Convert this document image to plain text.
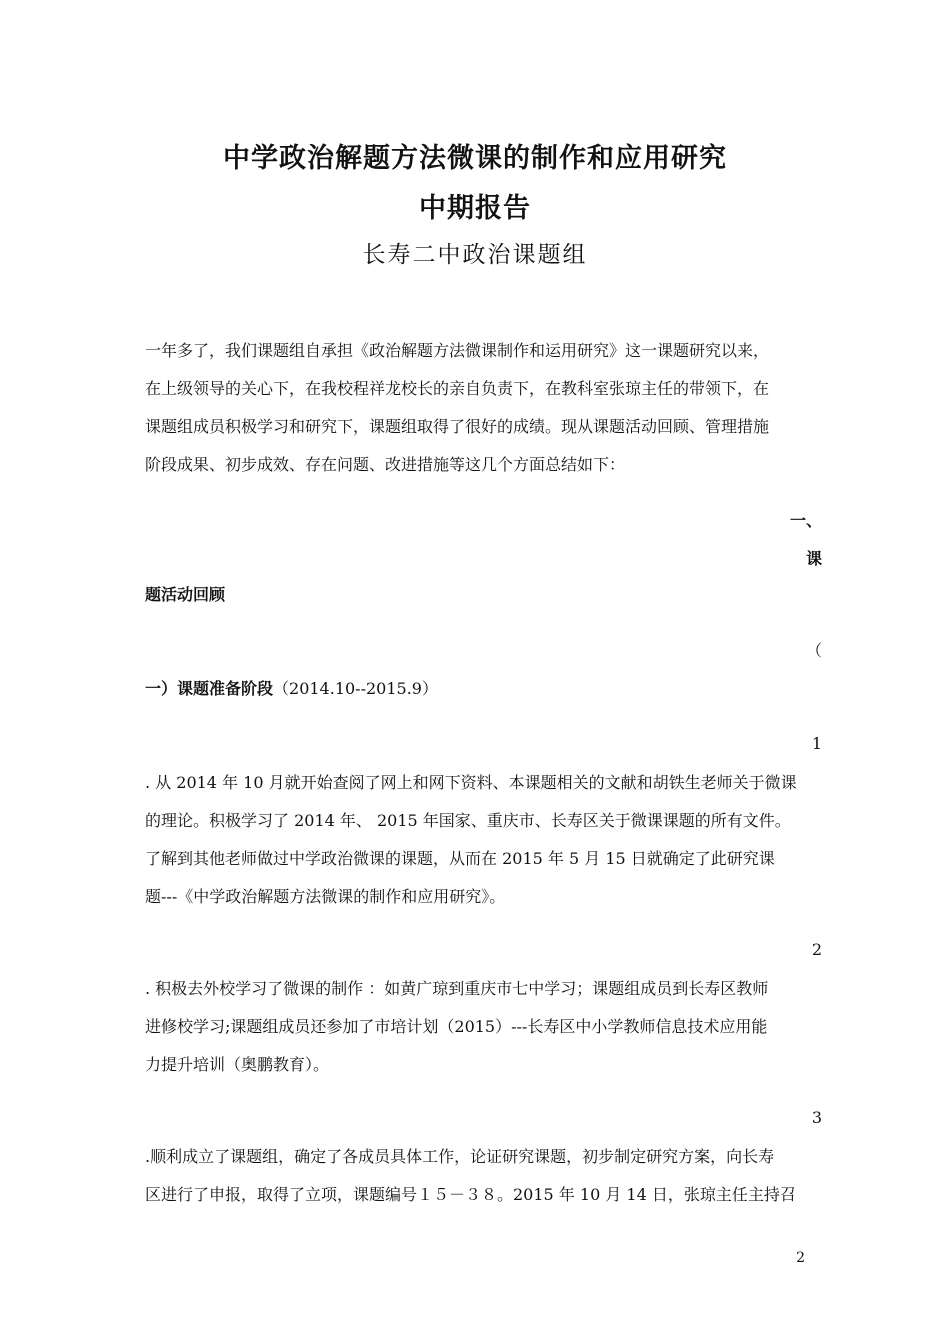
中学政治解题方法微课的制作和应用研究
中期报告
长寿二中政治课题组
一年多了，我们课题组自承担《政治解题方法微课制作和运用研究》这一课题研究以来，
在上级领导的关心下，在我校程祥龙校长的亲自负责下，在教科室张琼主任的带领下，在
课题组成员积极学习和研究下，课题组取得了很好的成绩。现从课题活动回顾、管理措施
阶段成果、初步成效、存在问题、改进措施等这几个方面总结如下：
一、
课
题活动回顾
（
一）课题准备阶段（2014.10--2015.9）
1
. 从 2014 年 10 月就开始查阅了网上和网下资料、本课题相关的文献和胡铁生老师关于微课
的理论。积极学习了 2014 年、 2015 年国家、重庆市、长寿区关于微课课题的所有文件。
了解到其他老师做过中学政治微课的课题，从而在 2015 年 5 月 15 日就确定了此研究课
题---《中学政治解题方法微课的制作和应用研究》。
2
. 积极去外校学习了微课的制作 ：如黄广琼到重庆市七中学习；课题组成员到长寿区教师
进修校学习;课题组成员还参加了市培计划（2015）---长寿区中小学教师信息技术应用能
力提升培训（奥鹏教育）。
3
.顺利成立了课题组，确定了各成员具体工作，论证研究课题，初步制定研究方案，向长寿
区进行了申报，取得了立项，课题编号１５－３８。2015 年 10 月 14 日，张琼主任主持召
2
